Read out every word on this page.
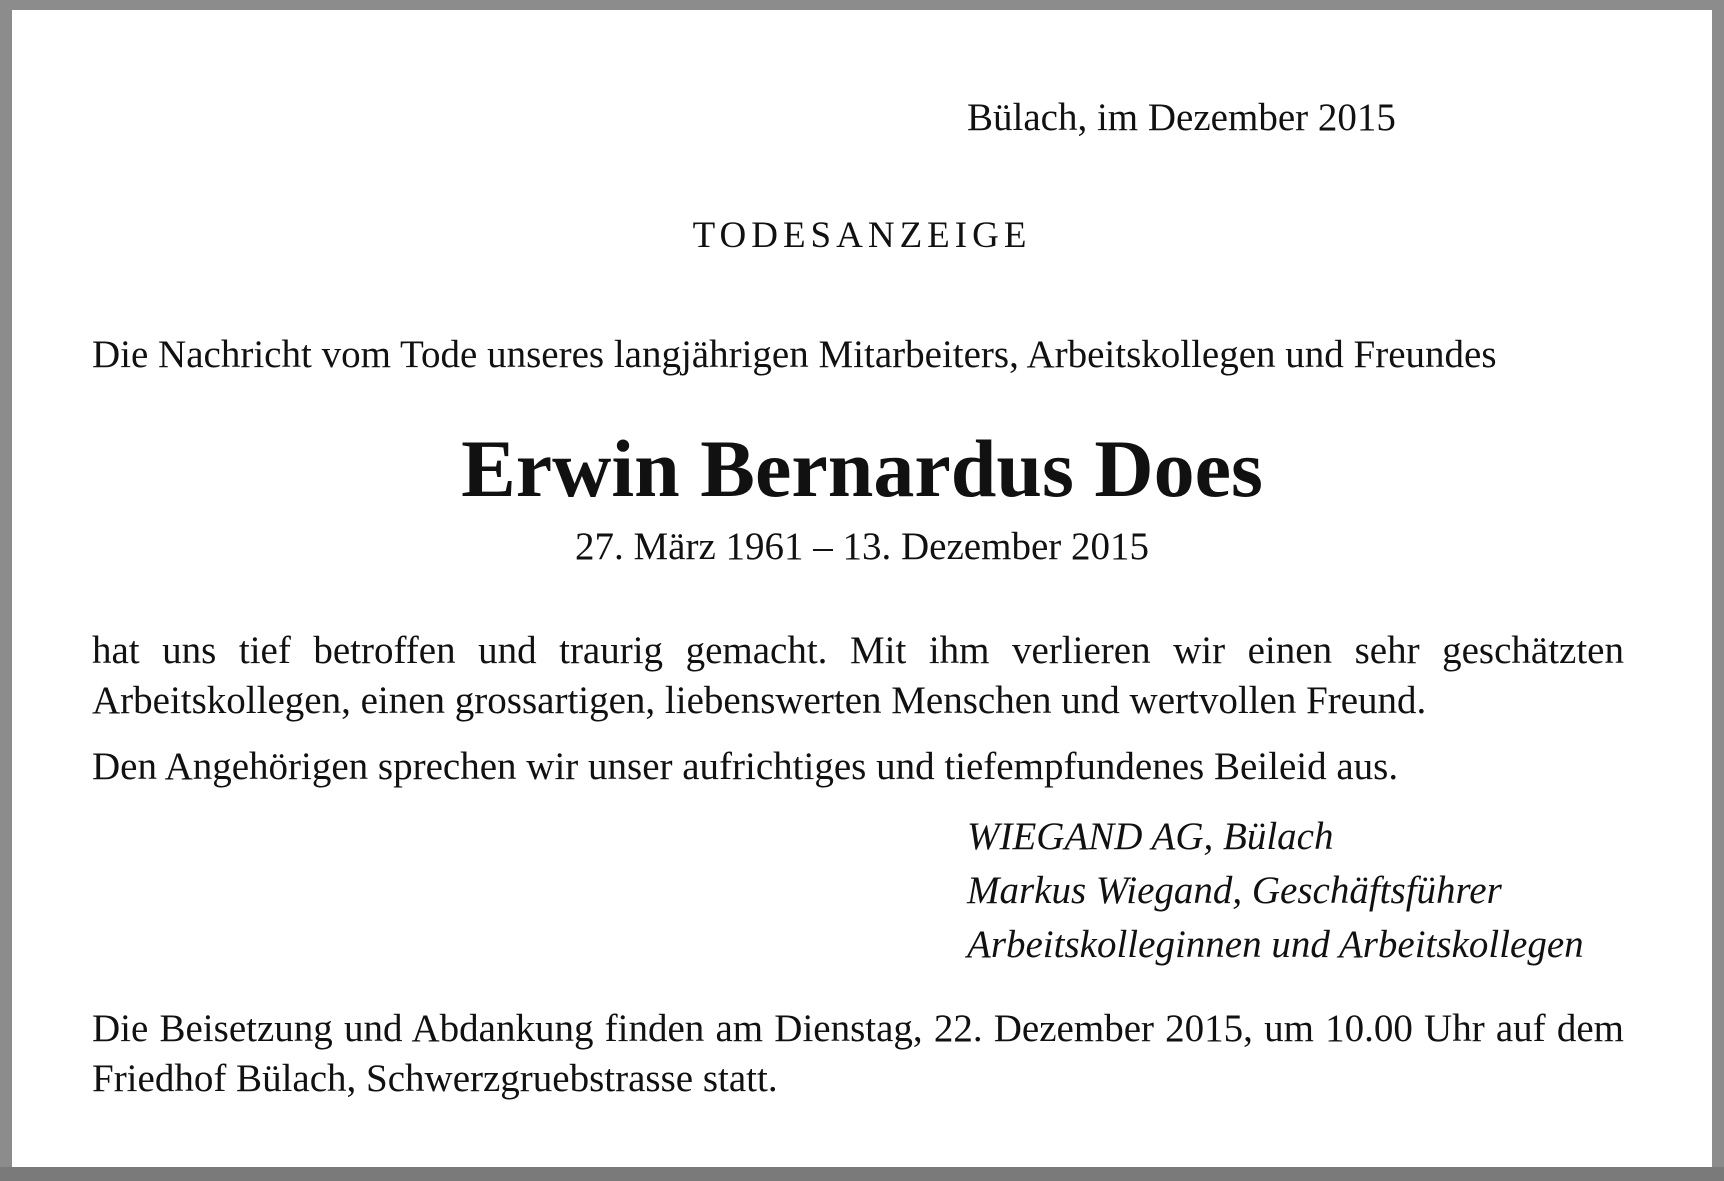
Bülach, im Dezember 2015

TODESANZEIGE

Die Nachricht vom Tode unseres langjährigen Mitarbeiters, Arbeitskollegen und Freundes

Erwin Bernardus Does

27. März 1961 – 13. Dezember 2015

hat uns tief betroffen und traurig gemacht. Mit ihm verlieren wir einen sehr geschätzten Arbeitskollegen, einen grossartigen, liebenswerten Menschen und wertvollen Freund.

Den Angehörigen sprechen wir unser aufrichtiges und tiefempfundenes Beileid aus.

WIEGAND AG, Bülach

Markus Wiegand, Geschäftsführer

Arbeitskolleginnen und Arbeitskollegen

Die Beisetzung und Abdankung finden am Dienstag, 22. Dezember 2015, um 10.00 Uhr auf dem Friedhof Bülach, Schwerzgruebstrasse statt.
